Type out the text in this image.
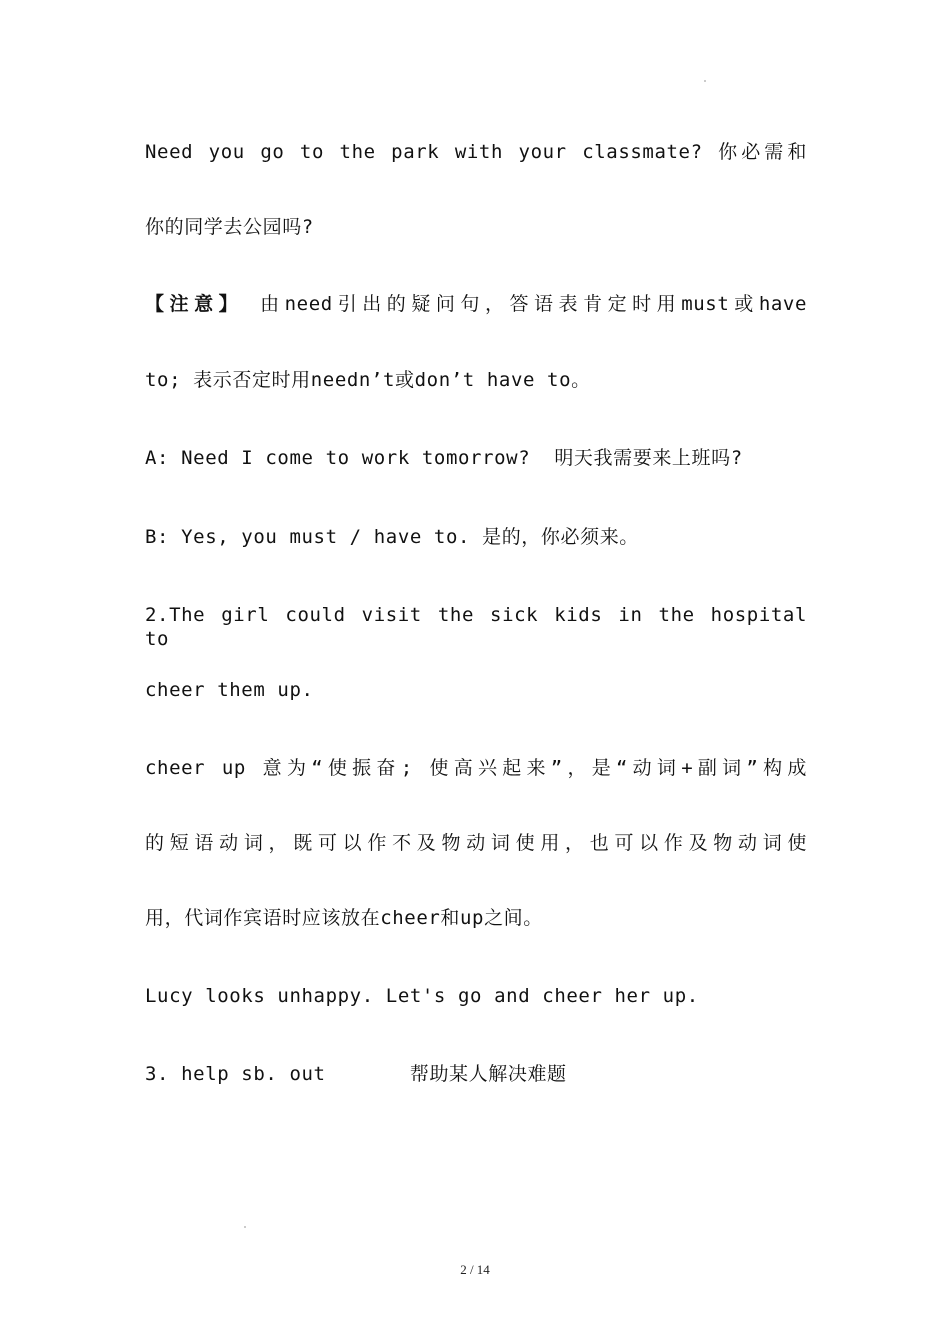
Need you go to the park with your classmate? 你必需和
你的同学去公园吗?
【注意】 由need引出的疑问句，答语表肯定时用must或have
to; 表示否定时用needn’t或don’t have to。
A: Need I come to work tomorrow?  明天我需要来上班吗?
B: Yes, you must / have to. 是的，你必须来。
2.The girl could visit the sick kids in the hospital to
cheer them up.
cheer up 意为“使振奋; 使高兴起来”，是“动词+副词”构成
的短语动词，既可以作不及物动词使用，也可以作及物动词使
用，代词作宾语时应该放在cheer和up之间。
Lucy looks unhappy. Let's go and cheer her up.
3. help sb. out       帮助某人解决难题
2 / 14
